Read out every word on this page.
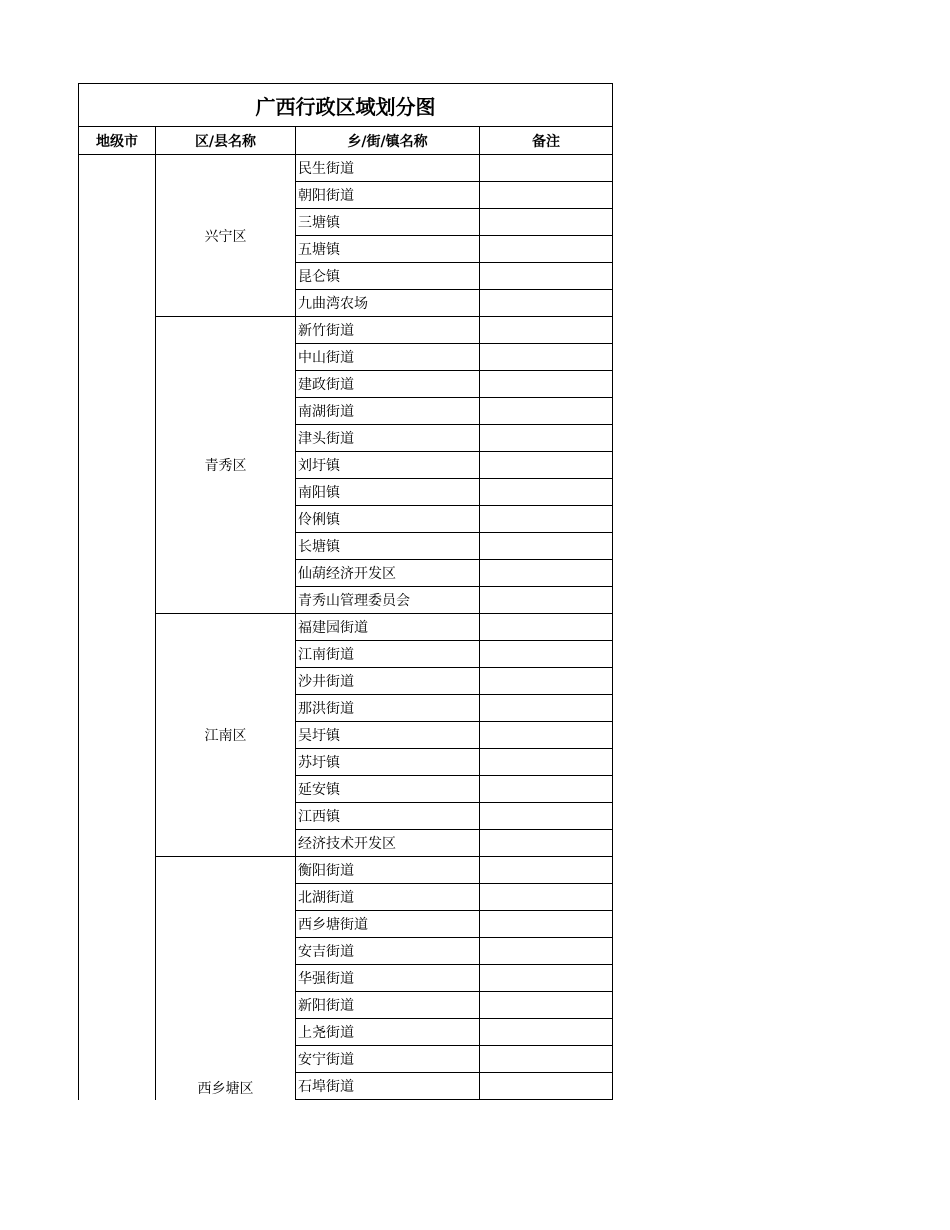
广西行政区域划分图			
地级市	区/县名称	乡/街/镇名称	备注
	兴宁区	民生街道	
		朝阳街道	
		三塘镇	
		五塘镇	
		昆仑镇	
		九曲湾农场	
	青秀区	新竹街道	
		中山街道	
		建政街道	
		南湖街道	
		津头街道	
		刘圩镇	
		南阳镇	
		伶俐镇	
		长塘镇	
		仙葫经济开发区	
		青秀山管理委员会	
	江南区	福建园街道	
		江南街道	
		沙井街道	
		那洪街道	
		吴圩镇	
		苏圩镇	
		延安镇	
		江西镇	
		经济技术开发区	
	西乡塘区	衡阳街道	
		北湖街道	
		西乡塘街道	
		安吉街道	
		华强街道	
		新阳街道	
		上尧街道	
		安宁街道	
		石埠街道	
